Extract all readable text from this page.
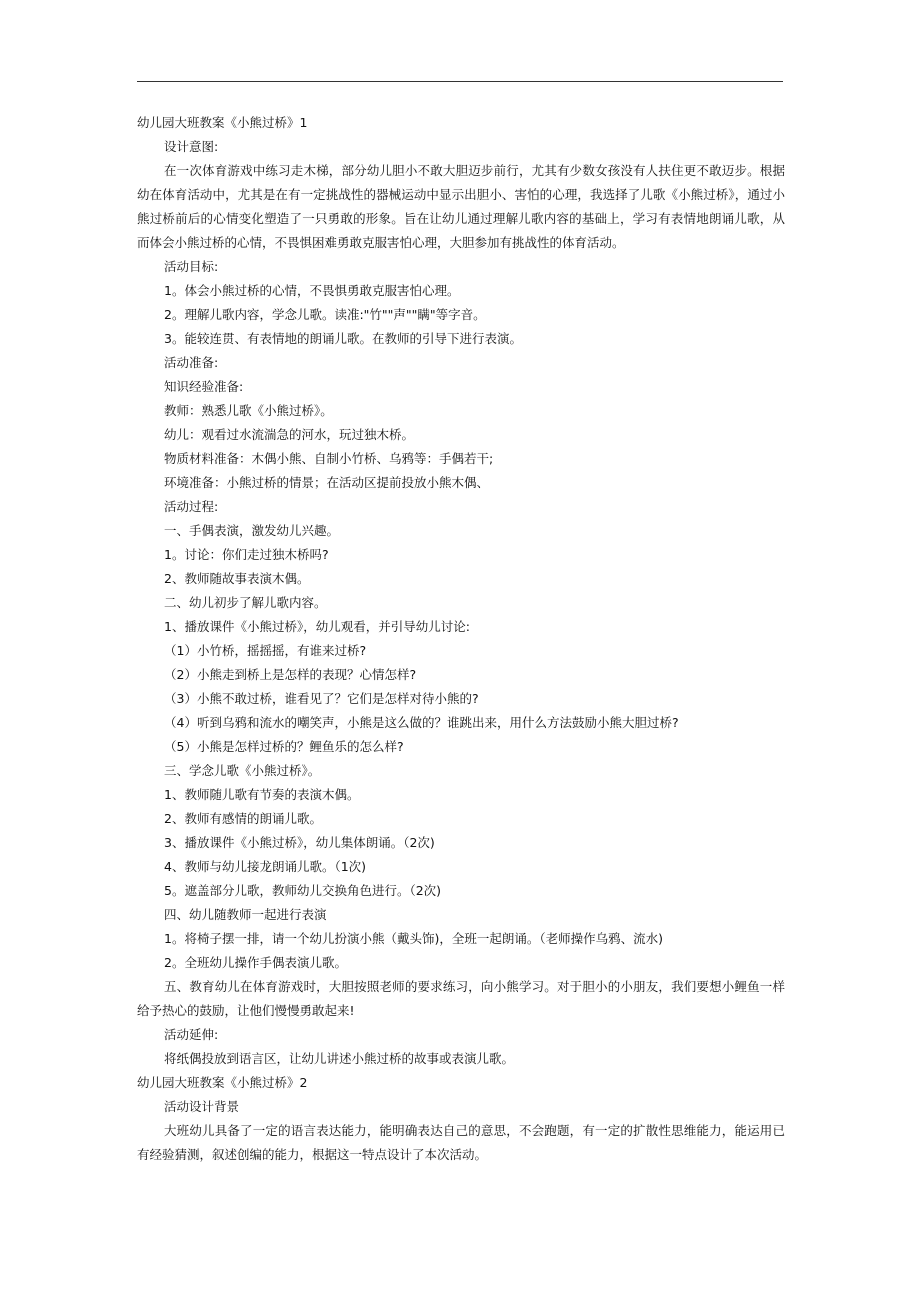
幼儿园大班教案《小熊过桥》1

设计意图:

在一次体育游戏中练习走木梯，部分幼儿胆小不敢大胆迈步前行，尤其有少数女孩没有人扶住更不敢迈步。根据幼在体育活动中，尤其是在有一定挑战性的器械运动中显示出胆小、害怕的心理，我选择了儿歌《小熊过桥》，通过小熊过桥前后的心情变化塑造了一只勇敢的形象。旨在让幼儿通过理解儿歌内容的基础上，学习有表情地朗诵儿歌，从而体会小熊过桥的心情，不畏惧困难勇敢克服害怕心理，大胆参加有挑战性的体育活动。

活动目标:

1。体会小熊过桥的心情，不畏惧勇敢克服害怕心理。

2。理解儿歌内容，学念儿歌。读准:"竹""声""瞒"等字音。

3。能较连贯、有表情地的朗诵儿歌。在教师的引导下进行表演。

活动准备:

知识经验准备:

教师：熟悉儿歌《小熊过桥》。

幼儿：观看过水流湍急的河水，玩过独木桥。

物质材料准备：木偶小熊、自制小竹桥、乌鸦等：手偶若干;

环境准备：小熊过桥的情景；在活动区提前投放小熊木偶、

活动过程:

一、手偶表演，激发幼儿兴趣。

1。讨论：你们走过独木桥吗?

2、教师随故事表演木偶。

二、幼儿初步了解儿歌内容。

1、播放课件《小熊过桥》，幼儿观看，并引导幼儿讨论:

（1）小竹桥，摇摇摇，有谁来过桥?

（2）小熊走到桥上是怎样的表现？心情怎样?

（3）小熊不敢过桥，谁看见了？它们是怎样对待小熊的?

（4）听到乌鸦和流水的嘲笑声，小熊是这么做的？谁跳出来，用什么方法鼓励小熊大胆过桥?

（5）小熊是怎样过桥的？鲤鱼乐的怎么样?

三、学念儿歌《小熊过桥》。

1、教师随儿歌有节奏的表演木偶。

2、教师有感情的朗诵儿歌。

3、播放课件《小熊过桥》，幼儿集体朗诵。（2次)

4、教师与幼儿接龙朗诵儿歌。（1次)

5。遮盖部分儿歌，教师幼儿交换角色进行。（2次)

四、幼儿随教师一起进行表演

1。将椅子摆一排，请一个幼儿扮演小熊（戴头饰)，全班一起朗诵。（老师操作乌鸦、流水)

2。全班幼儿操作手偶表演儿歌。

五、教育幼儿在体育游戏时，大胆按照老师的要求练习，向小熊学习。对于胆小的小朋友，我们要想小鲤鱼一样给予热心的鼓励，让他们慢慢勇敢起来!

活动延伸:

将纸偶投放到语言区，让幼儿讲述小熊过桥的故事或表演儿歌。

幼儿园大班教案《小熊过桥》2

活动设计背景

大班幼儿具备了一定的语言表达能力，能明确表达自己的意思，不会跑题，有一定的扩散性思维能力，能运用已有经验猜测，叙述创编的能力，根据这一特点设计了本次活动。
